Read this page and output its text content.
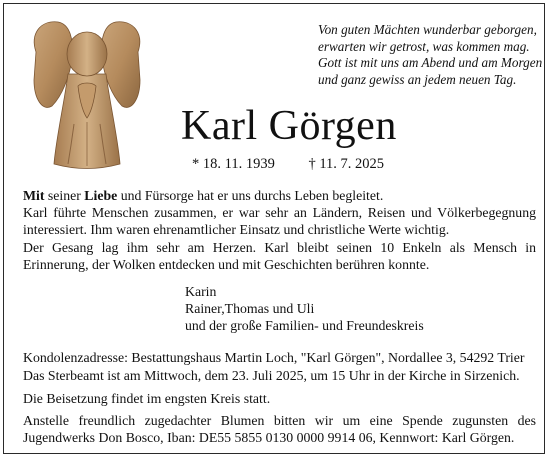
Von guten Mächten wunderbar geborgen,
erwarten wir getrost, was kommen mag.
Gott ist mit uns am Abend und am Morgen
und ganz gewiss an jedem neuen Tag.
Karl Görgen
* 18. 11. 1939 † 11. 7. 2025

Mit seiner Liebe und Fürsorge hat er uns durchs Leben begleitet.

Karl führte Menschen zusammen, er war sehr an Ländern, Reisen und Völkerbegegnung interessiert. Ihm waren ehrenamtlicher Einsatz und christliche Werte wichtig.

Der Gesang lag ihm sehr am Herzen. Karl bleibt seinen 10 Enkeln als Mensch in Erinnerung, der Wolken entdecken und mit Geschichten berühren konnte.

Karin
Rainer,Thomas und Uli
und der große Familien- und Freundeskreis
Kondolenzadresse: Bestattungshaus Martin Loch, "Karl Görgen", Nordallee 3, 54292 Trier
Das Sterbeamt ist am Mittwoch, dem 23. Juli 2025, um 15 Uhr in der Kirche in Sirzenich.
Die Beisetzung findet im engsten Kreis statt.
Anstelle freundlich zugedachter Blumen bitten wir um eine Spende zugunsten des Jugendwerks Don Bosco, Iban: DE55 5855 0130 0000 9914 06, Kennwort: Karl Görgen.
